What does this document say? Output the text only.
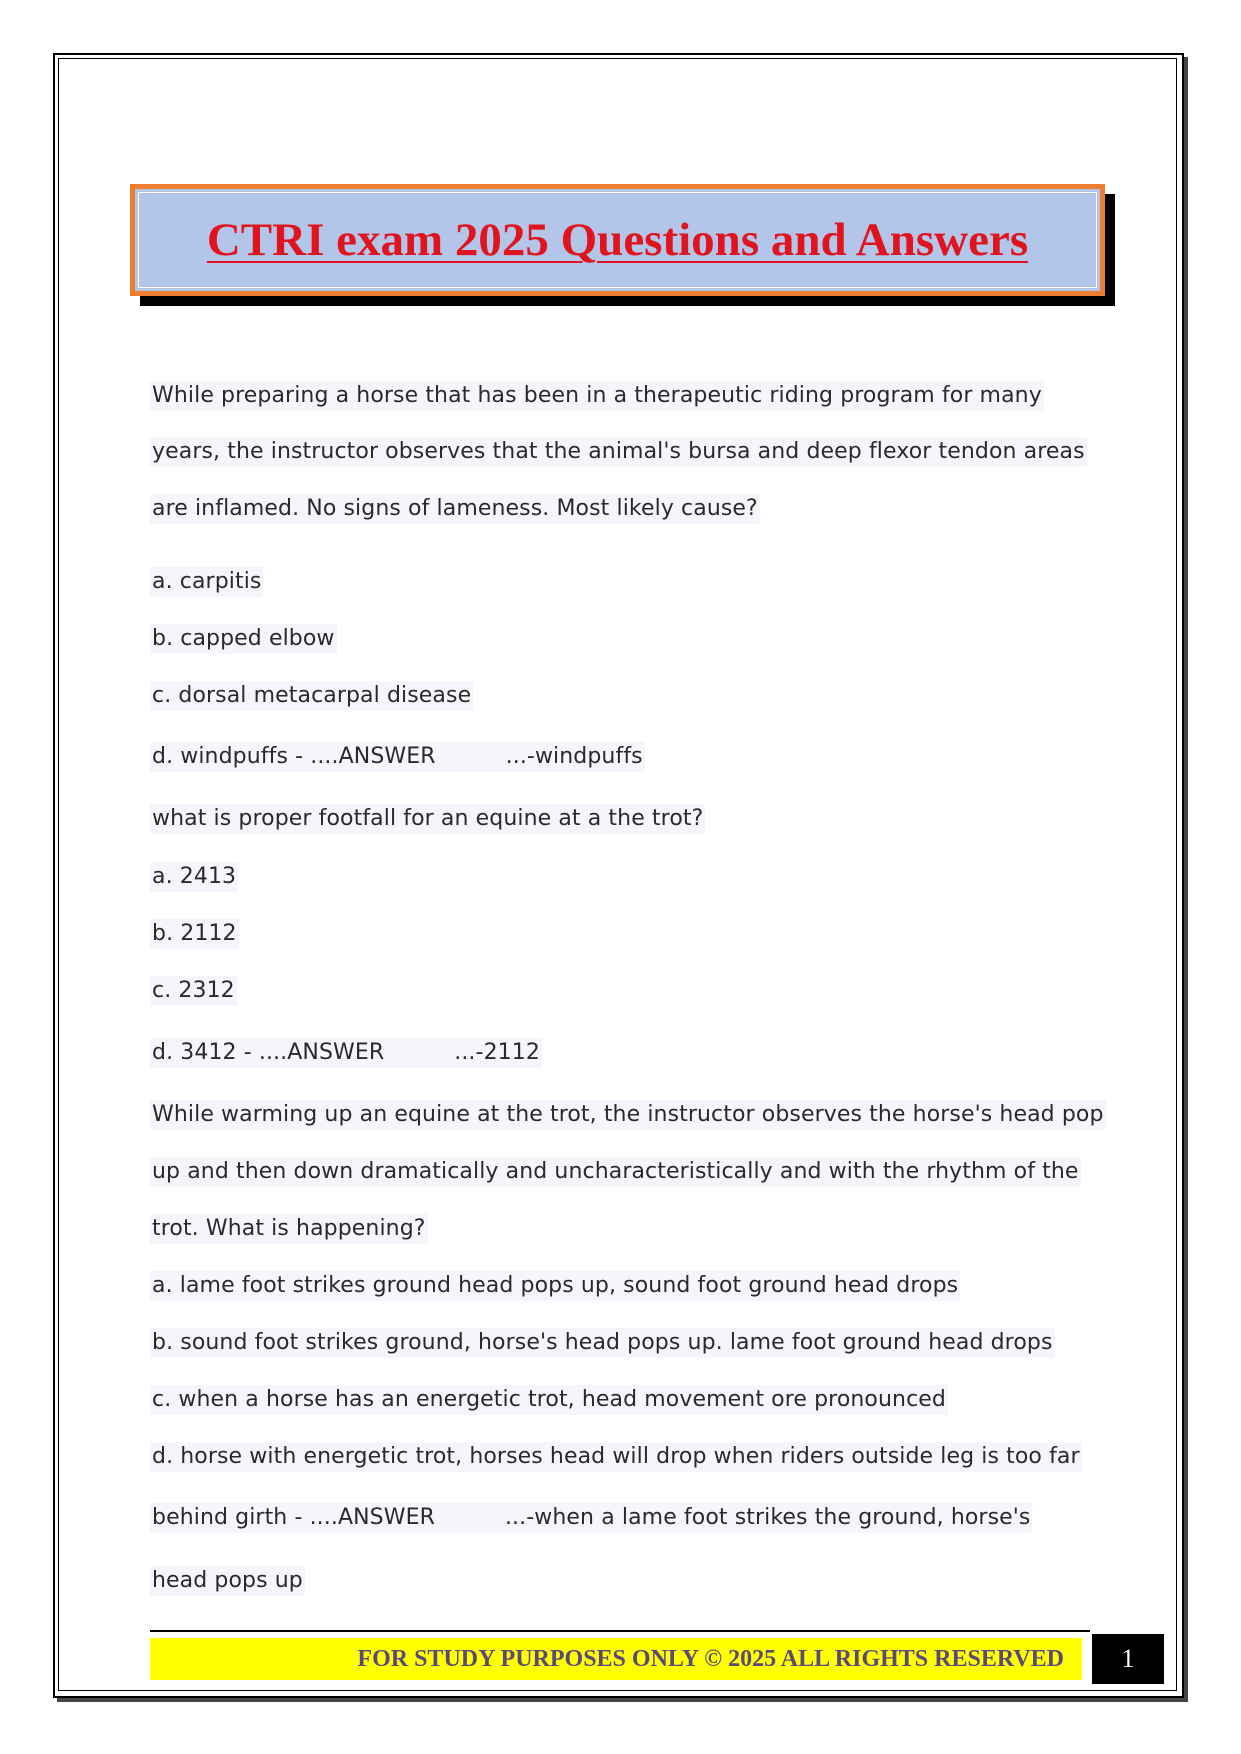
CTRI exam 2025 Questions and Answers
While preparing a horse that has been in a therapeutic riding program for many
years, the instructor observes that the animal's bursa and deep flexor tendon areas
are inflamed. No signs of lameness. Most likely cause?
a. carpitis
b. capped elbow
c. dorsal metacarpal disease
d. windpuffs - ....ANSWER	...-windpuffs
what is proper footfall for an equine at a the trot?
a. 2413
b. 2112
c. 2312
d. 3412 - ....ANSWER	...-2112
While warming up an equine at the trot, the instructor observes the horse's head pop
up and then down dramatically and uncharacteristically and with the rhythm of the
trot. What is happening?
a. lame foot strikes ground head pops up, sound foot ground head drops
b. sound foot strikes ground, horse's head pops up. lame foot ground head drops
c. when a horse has an energetic trot, head movement ore pronounced
d. horse with energetic trot, horses head will drop when riders outside leg is too far
behind girth - ....ANSWER	...-when a lame foot strikes the ground, horse's
head pops up
FOR STUDY PURPOSES ONLY © 2025 ALL RIGHTS RESERVED	1
